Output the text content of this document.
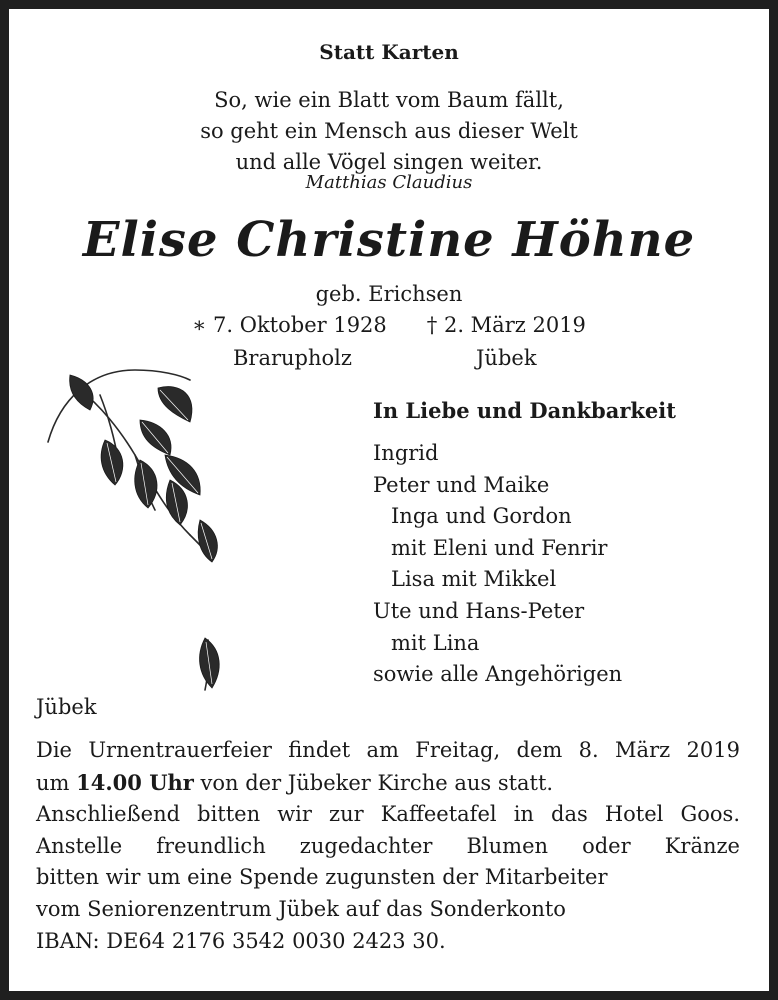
Statt Karten
So, wie ein Blatt vom Baum fällt,
so geht ein Mensch aus dieser Welt
und alle Vögel singen weiter.
Matthias Claudius
Elise Christine Höhne
geb. Erichsen
∗ 7. Oktober 1928 † 2. März 2019
Brarupholz	Jübek
In Liebe und Dankbarkeit
Ingrid
Peter und Maike
Inga und Gordon
mit Eleni und Fenrir
Lisa mit Mikkel
Ute und Hans-Peter
mit Lina
sowie alle Angehörigen
Jübek

Die Urnentrauerfeier findet am Freitag, dem 8. März 2019

um 14.00 Uhr von der Jübeker Kirche aus statt.

Anschließend bitten wir zur Kaffeetafel in das Hotel Goos.

Anstelle freundlich zugedachter Blumen oder Kränze

bitten wir um eine Spende zugunsten der Mitarbeiter

vom Seniorenzentrum Jübek auf das Sonderkonto

IBAN: DE64 2176 3542 0030 2423 30.
